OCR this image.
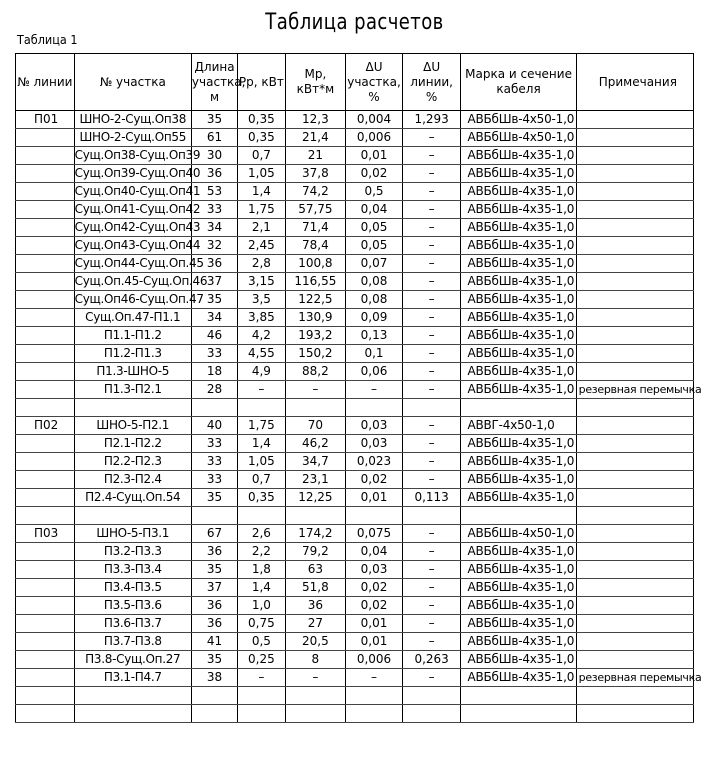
Таблица расчетов
Таблица 1
№ линии	№ участка	Длина участка, м	Рр, кВт	Мр, кВт*м	ΔU участка, %	ΔU линии, %	Марка и сечение кабеля	Примечания
П01	ШНО-2-Сущ.Оп38	35	0,35	12,3	0,004	1,293	АВБбШв-4х50-1,0	
	ШНО-2-Сущ.Оп55	61	0,35	21,4	0,006	–	АВБбШв-4х50-1,0	
	Сущ.Оп38-Сущ.Оп39	30	0,7	21	0,01	–	АВБбШв-4х35-1,0	
	Сущ.Оп39-Сущ.Оп40	36	1,05	37,8	0,02	–	АВБбШв-4х35-1,0	
	Сущ.Оп40-Сущ.Оп41	53	1,4	74,2	0,5	–	АВБбШв-4х35-1,0	
	Сущ.Оп41-Сущ.Оп42	33	1,75	57,75	0,04	–	АВБбШв-4х35-1,0	
	Сущ.Оп42-Сущ.Оп43	34	2,1	71,4	0,05	–	АВБбШв-4х35-1,0	
	Сущ.Оп43-Сущ.Оп44	32	2,45	78,4	0,05	–	АВБбШв-4х35-1,0	
	Сущ.Оп44-Сущ.Оп.45	36	2,8	100,8	0,07	–	АВБбШв-4х35-1,0	
	Сущ.Оп.45-Сущ.Оп.46	37	3,15	116,55	0,08	–	АВБбШв-4х35-1,0	
	Сущ.Оп46-Сущ.Оп.47	35	3,5	122,5	0,08	–	АВБбШв-4х35-1,0	
	Сущ.Оп.47-П1.1	34	3,85	130,9	0,09	–	АВБбШв-4х35-1,0	
	П1.1-П1.2	46	4,2	193,2	0,13	–	АВБбШв-4х35-1,0	
	П1.2-П1.3	33	4,55	150,2	0,1	–	АВБбШв-4х35-1,0	
	П1.3-ШНО-5	18	4,9	88,2	0,06	–	АВБбШв-4х35-1,0	
	П1.3-П2.1	28	–	–	–	–	АВБбШв-4х35-1,0	резервная перемычка

П02	ШНО-5-П2.1	40	1,75	70	0,03	–	АВВГ-4х50-1,0	
	П2.1-П2.2	33	1,4	46,2	0,03	–	АВБбШв-4х35-1,0	
	П2.2-П2.3	33	1,05	34,7	0,023	–	АВБбШв-4х35-1,0	
	П2.3-П2.4	33	0,7	23,1	0,02	–	АВБбШв-4х35-1,0	
	П2.4-Сущ.Оп.54	35	0,35	12,25	0,01	0,113	АВБбШв-4х35-1,0	

П03	ШНО-5-П3.1	67	2,6	174,2	0,075	–	АВБбШв-4х50-1,0	
	П3.2-П3.3	36	2,2	79,2	0,04	–	АВБбШв-4х35-1,0	
	П3.3-П3.4	35	1,8	63	0,03	–	АВБбШв-4х35-1,0	
	П3.4-П3.5	37	1,4	51,8	0,02	–	АВБбШв-4х35-1,0	
	П3.5-П3.6	36	1,0	36	0,02	–	АВБбШв-4х35-1,0	
	П3.6-П3.7	36	0,75	27	0,01	–	АВБбШв-4х35-1,0	
	П3.7-П3.8	41	0,5	20,5	0,01	–	АВБбШв-4х35-1,0	
	П3.8-Сущ.Оп.27	35	0,25	8	0,006	0,263	АВБбШв-4х35-1,0	
	П3.1-П4.7	38	–	–	–	–	АВБбШв-4х35-1,0	резервная перемычка
